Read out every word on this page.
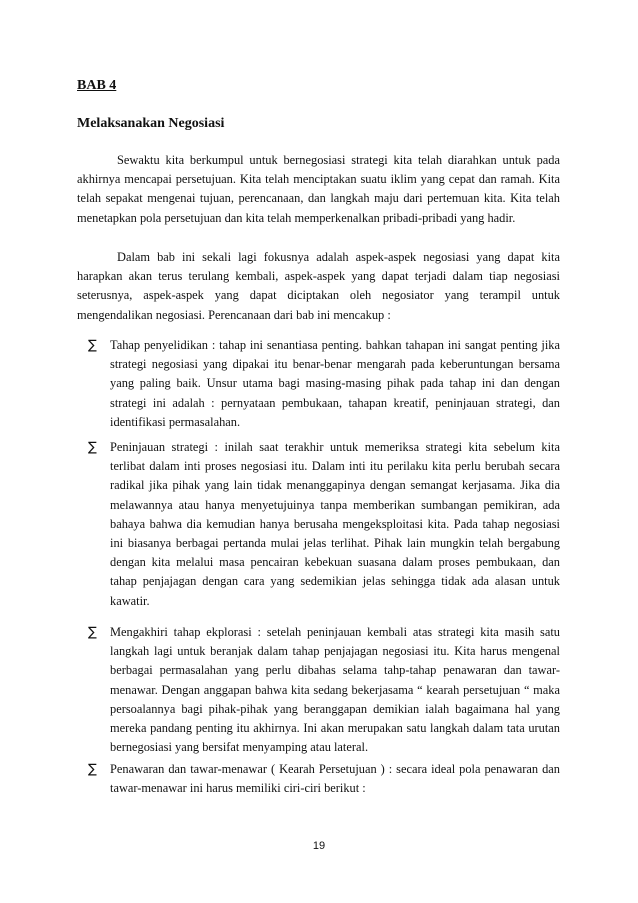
BAB 4
Melaksanakan Negosiasi

Sewaktu kita berkumpul untuk bernegosiasi strategi kita telah diarahkan untuk pada akhirnya mencapai persetujuan. Kita telah menciptakan suatu iklim yang cepat dan ramah. Kita telah sepakat mengenai tujuan, perencanaan, dan langkah maju dari pertemuan kita. Kita telah menetapkan pola persetujuan dan kita telah memperkenalkan pribadi-pribadi yang hadir.

Dalam bab ini sekali lagi fokusnya adalah aspek-aspek negosiasi yang dapat kita harapkan akan terus terulang kembali, aspek-aspek yang dapat terjadi dalam tiap negosiasi seterusnya, aspek-aspek yang dapat diciptakan oleh negosiator yang terampil untuk mengendalikan negosiasi. Perencanaan dari bab ini mencakup :

∑ Tahap penyelidikan : tahap ini senantiasa penting. bahkan tahapan ini sangat penting jika strategi negosiasi yang dipakai itu benar-benar mengarah pada keberuntungan bersama yang paling baik. Unsur utama bagi masing-masing pihak pada tahap ini dan dengan strategi ini adalah : pernyataan pembukaan, tahapan kreatif, peninjauan strategi, dan identifikasi permasalahan.

∑ Peninjauan strategi : inilah saat terakhir untuk memeriksa strategi kita sebelum kita terlibat dalam inti proses negosiasi itu. Dalam inti itu perilaku kita perlu berubah secara radikal jika pihak yang lain tidak menanggapinya dengan semangat kerjasama. Jika dia melawannya atau hanya menyetujuinya tanpa memberikan sumbangan pemikiran, ada bahaya bahwa dia kemudian hanya berusaha mengeksploitasi kita. Pada tahap negosiasi ini biasanya berbagai pertanda mulai jelas terlihat. Pihak lain mungkin telah bergabung dengan kita melalui masa pencairan kebekuan suasana dalam proses pembukaan, dan tahap penjajagan dengan cara yang sedemikian jelas sehingga tidak ada alasan untuk kawatir.

∑ Mengakhiri tahap ekplorasi : setelah peninjauan kembali atas strategi kita masih satu langkah lagi untuk beranjak dalam tahap penjajagan negosiasi itu. Kita harus mengenal berbagai permasalahan yang perlu dibahas selama tahp-tahap penawaran dan tawar-menawar. Dengan anggapan bahwa kita sedang bekerjasama “ kearah persetujuan “ maka persoalannya bagi pihak-pihak yang beranggapan demikian ialah bagaimana hal yang mereka pandang penting itu akhirnya. Ini akan merupakan satu langkah dalam tata urutan bernegosiasi yang bersifat menyamping atau lateral.

∑ Penawaran dan tawar-menawar ( Kearah Persetujuan ) : secara ideal pola penawaran dan tawar-menawar ini harus memiliki ciri-ciri berikut :

19
